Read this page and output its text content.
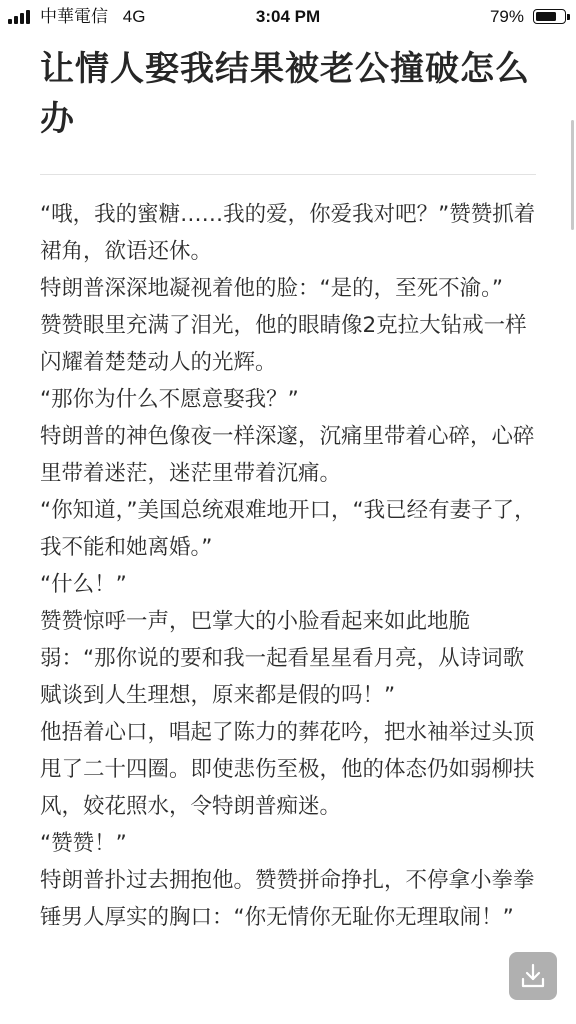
中華電信 4G	3:04 PM	79%
让情人娶我结果被老公撞破怎么办

“哦，我的蜜糖……我的爱，你爱我对吧？”赞赞抓着裙角，欲语还休。

特朗普深深地凝视着他的脸：“是的，至死不渝。”

赞赞眼里充满了泪光，他的眼睛像2克拉大钻戒一样闪耀着楚楚动人的光辉。

“那你为什么不愿意娶我？”

特朗普的神色像夜一样深邃，沉痛里带着心碎，心碎里带着迷茫，迷茫里带着沉痛。

“你知道，”美国总统艰难地开口，“我已经有妻子了，我不能和她离婚。”

“什么！”

赞赞惊呼一声，巴掌大的小脸看起来如此地脆弱：“那你说的要和我一起看星星看月亮，从诗词歌赋谈到人生理想，原来都是假的吗！”

他捂着心口，唱起了陈力的葬花吟，把水袖举过头顶甩了二十四圈。即使悲伤至极，他的体态仍如弱柳扶风，姣花照水，令特朗普痴迷。

“赞赞！”

特朗普扑过去拥抱他。赞赞拼命挣扎，不停拿小拳拳锤男人厚实的胸口：“你无情你无耻你无理取闹！”
